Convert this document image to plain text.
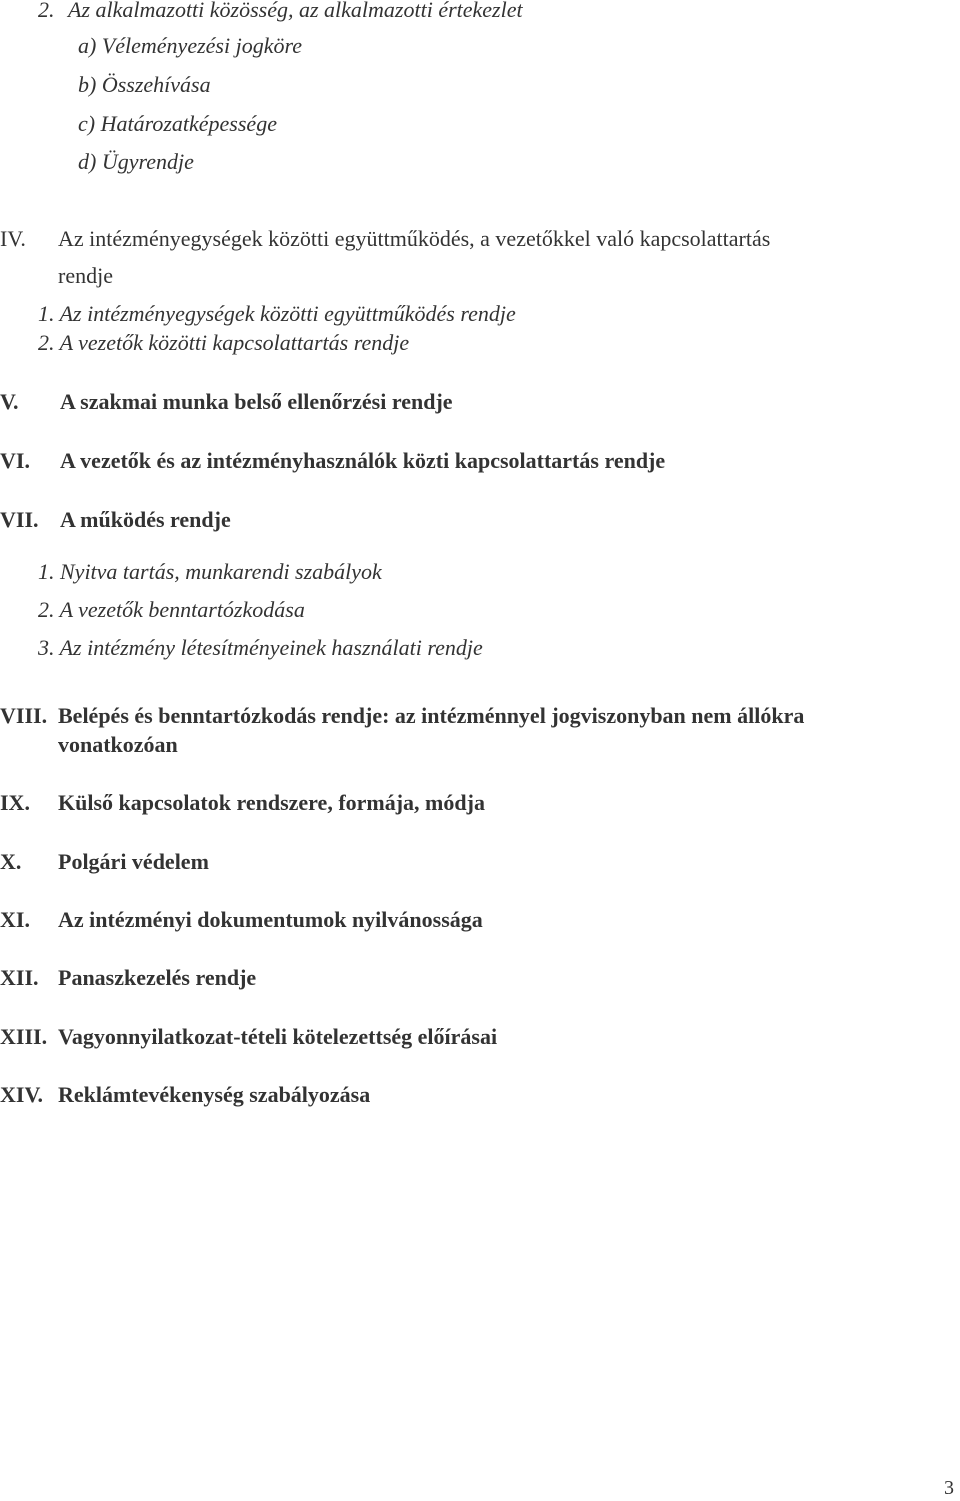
2. Az alkalmazotti közösség, az alkalmazotti értekezlet
a) Véleményezési jogköre
b) Összehívása
c) Határozatképessége
d) Ügyrendje
IV. Az intézményegységek közötti együttműködés, a vezetőkkel való kapcsolattartás
rendje
1. Az intézményegységek közötti együttműködés rendje
2. A vezetők közötti kapcsolattartás rendje
V. A szakmai munka belső ellenőrzési rendje
VI. A vezetők és az intézményhasználók közti kapcsolattartás rendje
VII. A működés rendje
1. Nyitva tartás, munkarendi szabályok
2. A vezetők benntartózkodása
3. Az intézmény létesítményeinek használati rendje
VIII. Belépés és benntartózkodás rendje: az intézménnyel jogviszonyban nem állókra
vonatkozóan
IX. Külső kapcsolatok rendszere, formája, módja
X. Polgári védelem
XI. Az intézményi dokumentumok nyilvánossága
XII. Panaszkezelés rendje
XIII. Vagyonnyilatkozat-tételi kötelezettség előírásai
XIV. Reklámtevékenység szabályozása
3
